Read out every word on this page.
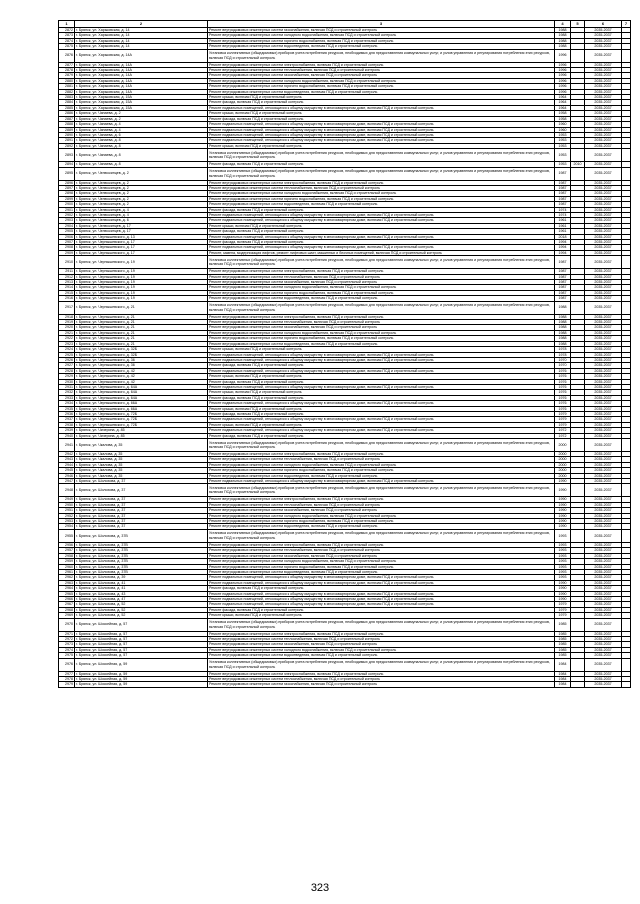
1	2	3	4	5	6	7
2872	г. Брянск, ул. Харьковская, д. 14	Ремонт внутридомовых инженерных систем газоснабжения, включая ПСД и строительный контроль	1988		2035-2037	
2873	г. Брянск, ул. Харьковская, д. 14	Ремонт внутридомовых инженерных систем холодного водоснабжения, включая ПСД и строительный контроль	1988		2035-2037	
2874	г. Брянск, ул. Харьковская, д. 14	Ремонт внутридомовых инженерных систем горячего водоснабжения, включая ПСД и строительный контроль	1988		2035-2037	
2875	г. Брянск, ул. Харьковская, д. 14	Ремонт внутридомовых инженерных систем водоотведения, включая ПСД и строительный контроль	1988		2035-2037	
2876	г. Брянск, ул. Харьковская, д. 14А	Установка коллективных (общедомовых) приборов учета потребления ресурсов, необходимых для предоставления коммунальных услуг, и узлов управления и регулирования потребления этих ресурсов, включая ПСД и строительный контроль	1996		2035-2037	
2877	г. Брянск, ул. Харьковская, д. 14А	Ремонт внутридомовых инженерных систем электроснабжения, включая ПСД и строительный контроль	1996		2035-2037	
2878	г. Брянск, ул. Харьковская, д. 14А	Ремонт внутридомовых инженерных систем теплоснабжения, включая ПСД и строительный контроль	1996		2035-2037	
2879	г. Брянск, ул. Харьковская, д. 14А	Ремонт внутридомовых инженерных систем газоснабжения, включая ПСД и строительный контроль	1996		2035-2037	
2880	г. Брянск, ул. Харьковская, д. 14А	Ремонт внутридомовых инженерных систем холодного водоснабжения, включая ПСД и строительный контроль	1996		2035-2037	
2881	г. Брянск, ул. Харьковская, д. 14А	Ремонт внутридомовых инженерных систем горячего водоснабжения, включая ПСД и строительный контроль	1996		2035-2037	
2882	г. Брянск, ул. Харьковская, д. 14А	Ремонт внутридомовых инженерных систем водоотведения, включая ПСД и строительный контроль	1996		2035-2037	
2883	г. Брянск, ул. Харьковская, д. 15А	Ремонт крыши, включая ПСД и строительный контроль	1964		2035-2037	
2884	г. Брянск, ул. Харьковская, д. 15А	Ремонт фасада, включая ПСД и строительный контроль	1964		2035-2037	
2885	г. Брянск, ул. Харьковская, д. 15А	Ремонт подвальных помещений, относящихся к общему имуществу в многоквартирном доме, включая ПСД и строительный контроль	1964		2035-2037	
2886	г. Брянск, ул. Чапаева, д. 2	Ремонт крыши, включая ПСД и строительный контроль	1958		2035-2037	
2887	г. Брянск, ул. Чапаева, д. 2	Ремонт фасада, включая ПСД и строительный контроль	1958		2035-2037	
2888	г. Брянск, ул. Чапаева, д. 4	Ремонт подвальных помещений, относящихся к общему имуществу в многоквартирном доме, включая ПСД и строительный контроль	1960		2035-2037	
2889	г. Брянск, ул. Чапаева, д. 4	Ремонт подвальных помещений, относящихся к общему имуществу в многоквартирном доме, включая ПСД и строительный контроль	1960		2035-2037	
2890	г. Брянск, ул. Чапаева, д. 6	Ремонт подвальных помещений, относящихся к общему имуществу в многоквартирном доме, включая ПСД и строительный контроль	1953		2035-2037	
2891	г. Брянск, ул. Чапаева, д. 8	Ремонт подвальных помещений, относящихся к общему имуществу в многоквартирном доме, включая ПСД и строительный контроль	1953		2035-2037	
2892	г. Брянск, ул. Чапаева, д. 8	Ремонт крыши, включая ПСД и строительный контроль	1953		2035-2037	
2893	г. Брянск, ул. Чапаева, д. 8	Установка коллективных (общедомовых) приборов учета потребления ресурсов, необходимых для предоставления коммунальных услуг, и узлов управления и регулирования потребления этих ресурсов, включая ПСД и строительный контроль	1953		2035-2037	
2894	г. Брянск, ул. Чапаева, д. 8	Ремонт фасада, включая ПСД и строительный контроль	1953	2010	2035-2037	
2895	г. Брянск, ул. Челюскинцев, д. 2	Установка коллективных (общедомовых) приборов учета потребления ресурсов, необходимых для предоставления коммунальных услуг, и узлов управления и регулирования потребления этих ресурсов, включая ПСД и строительный контроль	1987		2035-2037	
2896	г. Брянск, ул. Челюскинцев, д. 2	Ремонт внутридомовых инженерных систем электроснабжения, включая ПСД и строительный контроль	1987		2035-2037	
2897	г. Брянск, ул. Челюскинцев, д. 2	Ремонт внутридомовых инженерных систем теплоснабжения, включая ПСД и строительный контроль	1987		2035-2037	
2898	г. Брянск, ул. Челюскинцев, д. 2	Ремонт внутридомовых инженерных систем холодного водоснабжения, включая ПСД и строительный контроль	1987		2035-2037	
2899	г. Брянск, ул. Челюскинцев, д. 2	Ремонт внутридомовых инженерных систем горячего водоснабжения, включая ПСД и строительный контроль	1987		2035-2037	
2900	г. Брянск, ул. Челюскинцев, д. 2	Ремонт внутридомовых инженерных систем водоотведения, включая ПСД и строительный контроль	1987		2035-2037	
2901	г. Брянск, ул. Челюскинцев, д. 4	Ремонт фасада, включая ПСД и строительный контроль	1974		2035-2037	
2902	г. Брянск, ул. Челюскинцев, д. 4	Ремонт подвальных помещений, относящихся к общему имуществу в многоквартирном доме, включая ПСД и строительный контроль	1974		2035-2037	
2903	г. Брянск, ул. Челюскинцев, д. 6	Ремонт подвальных помещений, относящихся к общему имуществу в многоквартирном доме, включая ПСД и строительный контроль	1961		2035-2037	
2904	г. Брянск, ул. Челюскинцев, д. 17	Ремонт крыши, включая ПСД и строительный контроль	1961		2035-2037	
2905	г. Брянск, ул. Челюскинцев, д. 17	Ремонт фасада, включая ПСД и строительный контроль	1961		2035-2037	
2906	г. Брянск, ул. Чернышевского, д. 13	Ремонт подвальных помещений, относящихся к общему имуществу в многоквартирном доме, включая ПСД и строительный контроль	2018		2035-2037	
2907	г. Брянск, ул. Чернышевского, д. 17	Ремонт фасада, включая ПСД и строительный контроль	1994		2035-2037	
2908	г. Брянск, ул. Чернышевского, д. 17	Ремонт подвальных помещений, относящихся к общему имуществу в многоквартирном доме, включая ПСД и строительный контроль	1994		2035-2037	
2909	г. Брянск, ул. Чернышевского, д. 17	Ремонт, замена, модернизация лифтов, ремонт лифтовых шахт, машинных и блочных помещений, включая ПСД и строительный контроль	1994		2035-2037	
2910	г. Брянск, ул. Чернышевского, д. 19	Установка коллективных (общедомовых) приборов учета потребления ресурсов, необходимых для предоставления коммунальных услуг, и узлов управления и регулирования потребления этих ресурсов, включая ПСД и строительный контроль	1987		2035-2037	
2911	г. Брянск, ул. Чернышевского, д. 19	Ремонт внутридомовых инженерных систем электроснабжения, включая ПСД и строительный контроль	1987		2035-2037	
2912	г. Брянск, ул. Чернышевского, д. 19	Ремонт внутридомовых инженерных систем теплоснабжения, включая ПСД и строительный контроль	1987		2035-2037	
2913	г. Брянск, ул. Чернышевского, д. 19	Ремонт внутридомовых инженерных систем газоснабжения, включая ПСД и строительный контроль	1987		2035-2037	
2914	г. Брянск, ул. Чернышевского, д. 19	Ремонт внутридомовых инженерных систем холодного водоснабжения, включая ПСД и строительный контроль	1987		2035-2037	
2915	г. Брянск, ул. Чернышевского, д. 19	Ремонт внутридомовых инженерных систем горячего водоснабжения, включая ПСД и строительный контроль	1987		2035-2037	
2916	г. Брянск, ул. Чернышевского, д. 19	Ремонт внутридомовых инженерных систем водоотведения, включая ПСД и строительный контроль	1987		2035-2037	
2917	г. Брянск, ул. Чернышевского, д. 21	Установка коллективных (общедомовых) приборов учета потребления ресурсов, необходимых для предоставления коммунальных услуг, и узлов управления и регулирования потребления этих ресурсов, включая ПСД и строительный контроль	1988		2035-2037	
2918	г. Брянск, ул. Чернышевского, д. 21	Ремонт внутридомовых инженерных систем электроснабжения, включая ПСД и строительный контроль	1988		2035-2037	
2919	г. Брянск, ул. Чернышевского, д. 21	Ремонт внутридомовых инженерных систем теплоснабжения, включая ПСД и строительный контроль	1988		2035-2037	
2920	г. Брянск, ул. Чернышевского, д. 21	Ремонт внутридомовых инженерных систем газоснабжения, включая ПСД и строительный контроль	1988		2035-2037	
2921	г. Брянск, ул. Чернышевского, д. 21	Ремонт внутридомовых инженерных систем холодного водоснабжения, включая ПСД и строительный контроль	1988		2035-2037	
2922	г. Брянск, ул. Чернышевского, д. 21	Ремонт внутридомовых инженерных систем горячего водоснабжения, включая ПСД и строительный контроль	1988		2035-2037	
2923	г. Брянск, ул. Чернышевского, д. 21	Ремонт внутридомовых инженерных систем водоотведения, включая ПСД и строительный контроль	1988		2035-2037	
2924	г. Брянск, ул. Чернышевского, д. 32Б	Ремонт крыши, включая ПСД и строительный контроль	1978		2035-2037	
2925	г. Брянск, ул. Чернышевского, д. 32Б	Ремонт подвальных помещений, относящихся к общему имуществу в многоквартирном доме, включая ПСД и строительный контроль	1978		2035-2037	
2926	г. Брянск, ул. Чернышевского, д. 36	Ремонт подвальных помещений, относящихся к общему имуществу в многоквартирном доме, включая ПСД и строительный контроль	1970		2035-2037	
2927	г. Брянск, ул. Чернышевского, д. 36	Ремонт фасада, включая ПСД и строительный контроль	1970		2035-2037	
2928	г. Брянск, ул. Чернышевского, д. 42	Ремонт подвальных помещений, относящихся к общему имуществу в многоквартирном доме, включая ПСД и строительный контроль	1976		2035-2037	
2929	г. Брянск, ул. Чернышевского, д. 42	Ремонт крыши, включая ПСД и строительный контроль	1976		2035-2037	
2930	г. Брянск, ул. Чернышевского, д. 42	Ремонт фасада, включая ПСД и строительный контроль	1976		2035-2037	
2931	г. Брянск, ул. Чернышевского, д. 64А	Ремонт подвальных помещений, относящихся к общему имуществу в многоквартирном доме, включая ПСД и строительный контроль	1976		2035-2037	
2932	г. Брянск, ул. Чернышевского, д. 64А	Ремонт крыши, включая ПСД и строительный контроль	1976		2035-2037	
2933	г. Брянск, ул. Чернышевского, д. 64А	Ремонт фасада, включая ПСД и строительный контроль	1976		2035-2037	
2934	г. Брянск, ул. Чернышевского, д. 66А	Ремонт подвальных помещений, относящихся к общему имуществу в многоквартирном доме, включая ПСД и строительный контроль	1976		2035-2037	
2935	г. Брянск, ул. Чернышевского, д. 66А	Ремонт крыши, включая ПСД и строительный контроль	1976		2035-2037	
2936	г. Брянск, ул. Чернышевского, д. 72Б	Ремонт фасада, включая ПСД и строительный контроль	1979		2035-2037	
2937	г. Брянск, ул. Чернышевского, д. 72Б	Ремонт подвальных помещений, относящихся к общему имуществу в многоквартирном доме, включая ПСД и строительный контроль	1979		2035-2037	
2938	г. Брянск, ул. Чернышевского, д. 72Б	Ремонт крыши, включая ПСД и строительный контроль	1979		2035-2037	
2939	г. Брянск, ул. Чичерина, д. 85	Ремонт подвальных помещений, относящихся к общему имуществу в многоквартирном доме, включая ПСД и строительный контроль	1972		2035-2037	
2940	г. Брянск, ул. Чичерина, д. 85	Ремонт фасада, включая ПСД и строительный контроль	1972		2035-2037	
2941	г. Брянск, ул. Чкалова, д. 35	Установка коллективных (общедомовых) приборов учета потребления ресурсов, необходимых для предоставления коммунальных услуг, и узлов управления и регулирования потребления этих ресурсов, включая ПСД и строительный контроль	2000		2035-2037	
2942	г. Брянск, ул. Чкалова, д. 35	Ремонт внутридомовых инженерных систем электроснабжения, включая ПСД и строительный контроль	2000		2035-2037	
2943	г. Брянск, ул. Чкалова, д. 35	Ремонт внутридомовых инженерных систем теплоснабжения, включая ПСД и строительный контроль	2000		2035-2037	
2944	г. Брянск, ул. Чкалова, д. 35	Ремонт внутридомовых инженерных систем холодного водоснабжения, включая ПСД и строительный контроль	2000		2035-2037	
2945	г. Брянск, ул. Чкалова, д. 35	Ремонт внутридомовых инженерных систем горячего водоснабжения, включая ПСД и строительный контроль	2000		2035-2037	
2946	г. Брянск, ул. Чкалова, д. 35	Ремонт внутридомовых инженерных систем водоотведения, включая ПСД и строительный контроль	2000		2035-2037	
2947	г. Брянск, ул. Шолохова, д. 37	Ремонт подвальных помещений, относящихся к общему имуществу в многоквартирном доме, включая ПСД и строительный контроль	1990		2035-2037	
2948	г. Брянск, ул. Шолохова, д. 37	Установка коллективных (общедомовых) приборов учета потребления ресурсов, необходимых для предоставления коммунальных услуг, и узлов управления и регулирования потребления этих ресурсов, включая ПСД и строительный контроль	1990		2035-2037	
2949	г. Брянск, ул. Шолохова, д. 37	Ремонт внутридомовых инженерных систем электроснабжения, включая ПСД и строительный контроль	1990		2035-2037	
2950	г. Брянск, ул. Шолохова, д. 37	Ремонт внутридомовых инженерных систем теплоснабжения, включая ПСД и строительный контроль	1990		2035-2037	
2951	г. Брянск, ул. Шолохова, д. 37	Ремонт внутридомовых инженерных систем газоснабжения, включая ПСД и строительный контроль	1990		2035-2037	
2952	г. Брянск, ул. Шолохова, д. 37	Ремонт внутридомовых инженерных систем холодного водоснабжения, включая ПСД и строительный контроль	1990		2035-2037	
2953	г. Брянск, ул. Шолохова, д. 37	Ремонт внутридомовых инженерных систем горячего водоснабжения, включая ПСД и строительный контроль	1990		2035-2037	
2954	г. Брянск, ул. Шолохова, д. 37	Ремонт внутридомовых инженерных систем водоотведения, включая ПСД и строительный контроль	1990		2035-2037	
2955	г. Брянск, ул. Шолохова, д. 37В	Установка коллективных (общедомовых) приборов учета потребления ресурсов, необходимых для предоставления коммунальных услуг, и узлов управления и регулирования потребления этих ресурсов, включая ПСД и строительный контроль	1993		2035-2037	
2956	г. Брянск, ул. Шолохова, д. 37В	Ремонт внутридомовых инженерных систем электроснабжения, включая ПСД и строительный контроль	1993		2035-2037	
2957	г. Брянск, ул. Шолохова, д. 37В	Ремонт внутридомовых инженерных систем теплоснабжения, включая ПСД и строительный контроль	1993		2035-2037	
2958	г. Брянск, ул. Шолохова, д. 37В	Ремонт внутридомовых инженерных систем газоснабжения, включая ПСД и строительный контроль	1993		2035-2037	
2959	г. Брянск, ул. Шолохова, д. 37В	Ремонт внутридомовых инженерных систем холодного водоснабжения, включая ПСД и строительный контроль	1993		2035-2037	
2960	г. Брянск, ул. Шолохова, д. 37В	Ремонт внутридомовых инженерных систем горячего водоснабжения, включая ПСД и строительный контроль	1993		2035-2037	
2961	г. Брянск, ул. Шолохова, д. 37В	Ремонт внутридомовых инженерных систем водоотведения, включая ПСД и строительный контроль	1993		2035-2037	
2962	г. Брянск, ул. Шолохова, д. 39	Ремонт подвальных помещений, относящихся к общему имуществу в многоквартирном доме, включая ПСД и строительный контроль	1993		2035-2037	
2963	г. Брянск, ул. Шолохова, д. 41	Ремонт подвальных помещений, относящихся к общему имуществу в многоквартирном доме, включая ПСД и строительный контроль	1990		2035-2037	
2964	г. Брянск, ул. Шолохова, д. 41	Ремонт фасада, включая ПСД и строительный контроль	1990		2035-2037	
2965	г. Брянск, ул. Шолохова, д. 43	Ремонт подвальных помещений, относящихся к общему имуществу в многоквартирном доме, включая ПСД и строительный контроль	1990		2035-2037	
2966	г. Брянск, ул. Шолохова, д. 47	Ремонт подвальных помещений, относящихся к общему имуществу в многоквартирном доме, включая ПСД и строительный контроль	1990		2035-2037	
2967	г. Брянск, ул. Шолохова, д. 52	Ремонт подвальных помещений, относящихся к общему имуществу в многоквартирном доме, включая ПСД и строительный контроль	1979		2035-2037	
2968	г. Брянск, ул. Шолохова, д. 52	Ремонт фасада, включая ПСД и строительный контроль	1979		2035-2037	
2969	г. Брянск, ул. Шолохова, д. 52	Ремонт крыши, включая ПСД и строительный контроль	1979		2035-2037	
2970	г. Брянск, ул. Шоссейная, д. 57	Установка коллективных (общедомовых) приборов учета потребления ресурсов, необходимых для предоставления коммунальных услуг, и узлов управления и регулирования потребления этих ресурсов, включая ПСД и строительный контроль	1985		2035-2037	
2971	г. Брянск, ул. Шоссейная, д. 57	Ремонт внутридомовых инженерных систем электроснабжения, включая ПСД и строительный контроль	1985		2035-2037	
2972	г. Брянск, ул. Шоссейная, д. 57	Ремонт внутридомовых инженерных систем теплоснабжения, включая ПСД и строительный контроль	1985		2035-2037	
2973	г. Брянск, ул. Шоссейная, д. 57	Ремонт внутридомовых инженерных систем газоснабжения, включая ПСД и строительный контроль	1985		2035-2037	
2974	г. Брянск, ул. Шоссейная, д. 57	Ремонт внутридомовых инженерных систем холодного водоснабжения, включая ПСД и строительный контроль	1985		2035-2037	
2975	г. Брянск, ул. Шоссейная, д. 57	Ремонт внутридомовых инженерных систем водоотведения, включая ПСД и строительный контроль	1985		2035-2037	
2976	г. Брянск, ул. Шоссейная, д. 59	Установка коллективных (общедомовых) приборов учета потребления ресурсов, необходимых для предоставления коммунальных услуг, и узлов управления и регулирования потребления этих ресурсов, включая ПСД и строительный контроль	1984		2035-2037	
2977	г. Брянск, ул. Шоссейная, д. 59	Ремонт внутридомовых инженерных систем электроснабжения, включая ПСД и строительный контроль	1984		2035-2037	
2978	г. Брянск, ул. Шоссейная, д. 59	Ремонт внутридомовых инженерных систем теплоснабжения, включая ПСД и строительный контроль	1984		2035-2037	
2979	г. Брянск, ул. Шоссейная, д. 59	Ремонт внутридомовых инженерных систем газоснабжения, включая ПСД и строительный контроль	1984		2035-2037	
323
